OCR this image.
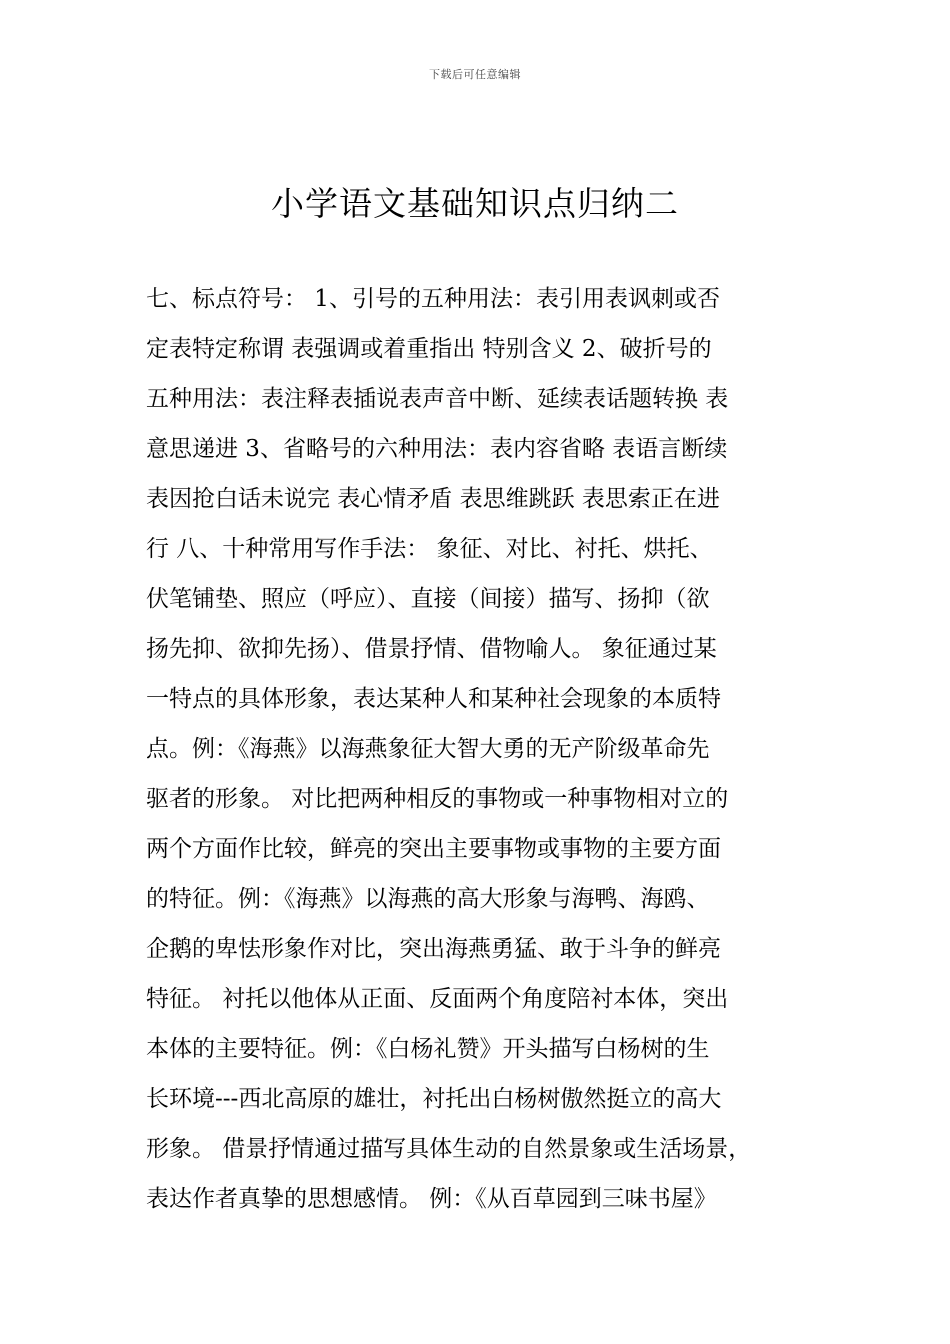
下载后可任意编辑
小学语文基础知识点归纳二
七、标点符号： 1、引号的五种用法：表引用表讽刺或否
定表特定称谓 表强调或着重指出 特别含义 2、破折号的
五种用法：表注释表插说表声音中断、延续表话题转换 表
意思递进 3、省略号的六种用法：表内容省略 表语言断续
表因抢白话未说完 表心情矛盾 表思维跳跃 表思索正在进
行 八、十种常用写作手法： 象征、对比、衬托、烘托、
伏笔铺垫、照应（呼应）、直接（间接）描写、扬抑（欲
扬先抑、欲抑先扬）、借景抒情、借物喻人。 象征通过某
一特点的具体形象，表达某种人和某种社会现象的本质特
点。例：《海燕》以海燕象征大智大勇的无产阶级革命先
驱者的形象。 对比把两种相反的事物或一种事物相对立的
两个方面作比较，鲜亮的突出主要事物或事物的主要方面
的特征。例：《海燕》以海燕的高大形象与海鸭、海鸥、
企鹅的卑怯形象作对比，突出海燕勇猛、敢于斗争的鲜亮
特征。 衬托以他体从正面、反面两个角度陪衬本体，突出
本体的主要特征。例：《白杨礼赞》开头描写白杨树的生
长环境---西北高原的雄壮，衬托出白杨树傲然挺立的高大
形象。 借景抒情通过描写具体生动的自然景象或生活场景，
表达作者真挚的思想感情。 例：《从百草园到三味书屋》
